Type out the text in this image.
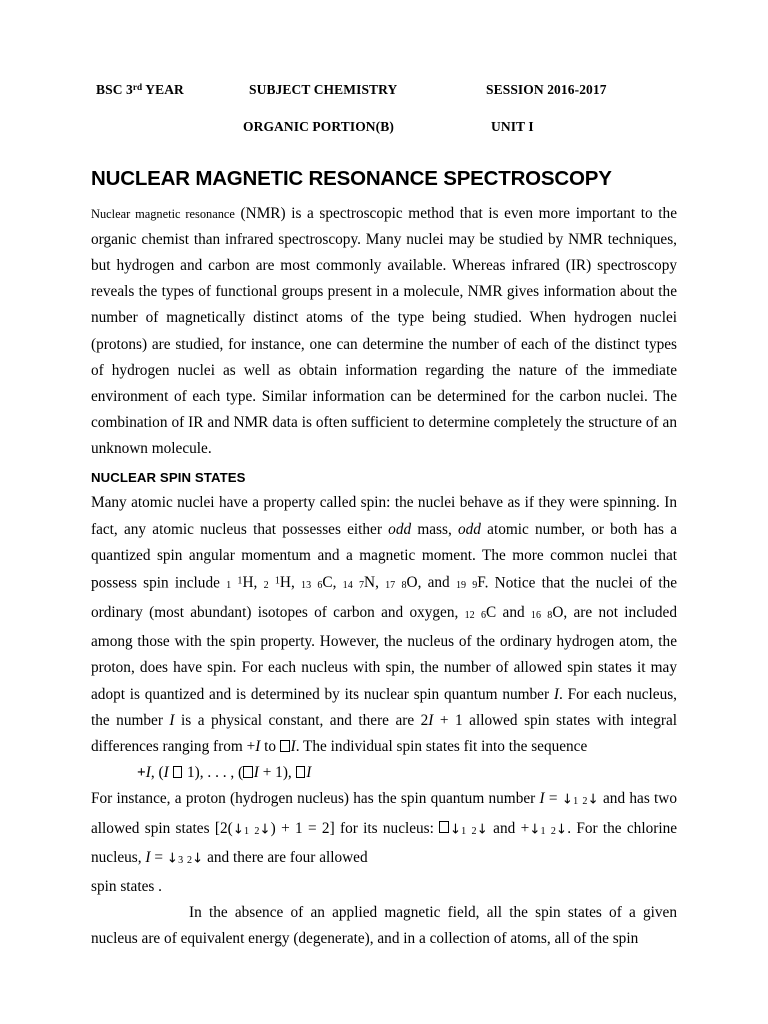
BSC 3rd YEAR	SUBJECT CHEMISTRY	SESSION 2016-2017
ORGANIC PORTION(B)	UNIT I
NUCLEAR MAGNETIC RESONANCE SPECTROSCOPY

Nuclear magnetic resonance (NMR) is a spectroscopic method that is even more important to the organic chemist than infrared spectroscopy. Many nuclei may be studied by NMR techniques, but hydrogen and carbon are most commonly available. Whereas infrared (IR) spectroscopy reveals the types of functional groups present in a molecule, NMR gives information about the number of magnetically distinct atoms of the type being studied. When hydrogen nuclei (protons) are studied, for instance, one can determine the number of each of the distinct types of hydrogen nuclei as well as obtain information regarding the nature of the immediate environment of each type. Similar information can be determined for the carbon nuclei. The combination of IR and NMR data is often sufficient to determine completely the structure of an unknown molecule.

NUCLEAR SPIN STATES

Many atomic nuclei have a property called spin: the nuclei behave as if they were spinning. In fact, any atomic nucleus that possesses either odd mass, odd atomic number, or both has a quantized spin angular momentum and a magnetic moment. The more common nuclei that possess spin include 1 $^1$H, 2 $^1$H, 13 6C, 14 7N, 17 8O, and 19 9F. Notice that the nuclei of the ordinary (most abundant) isotopes of carbon and oxygen, 12 6C and 16 8O, are not included among those with the spin property. However, the nucleus of the ordinary hydrogen atom, the proton, does have spin. For each nucleus with spin, the number of allowed spin states it may adopt is quantized and is determined by its nuclear spin quantum number I. For each nucleus, the number I is a physical constant, and there are 2I + 1 allowed spin states with integral differences ranging from +I to I. The individual spin states fit into the sequence

+I, (I  1), . . . , ( I + 1), I

For instance, a proton (hydrogen nucleus) has the spin quantum number I = ↓1 2↓ and has two allowed spin states [2(↓1 2↓) + 1 = 2] for its nucleus: ↓1 2↓ and +↓1 2↓. For the chlorine nucleus, I = ↓3 2↓ and there are four allowed

spin states .

In the absence of an applied magnetic field, all the spin states of a given nucleus are of equivalent energy (degenerate), and in a collection of atoms, all of the spin
